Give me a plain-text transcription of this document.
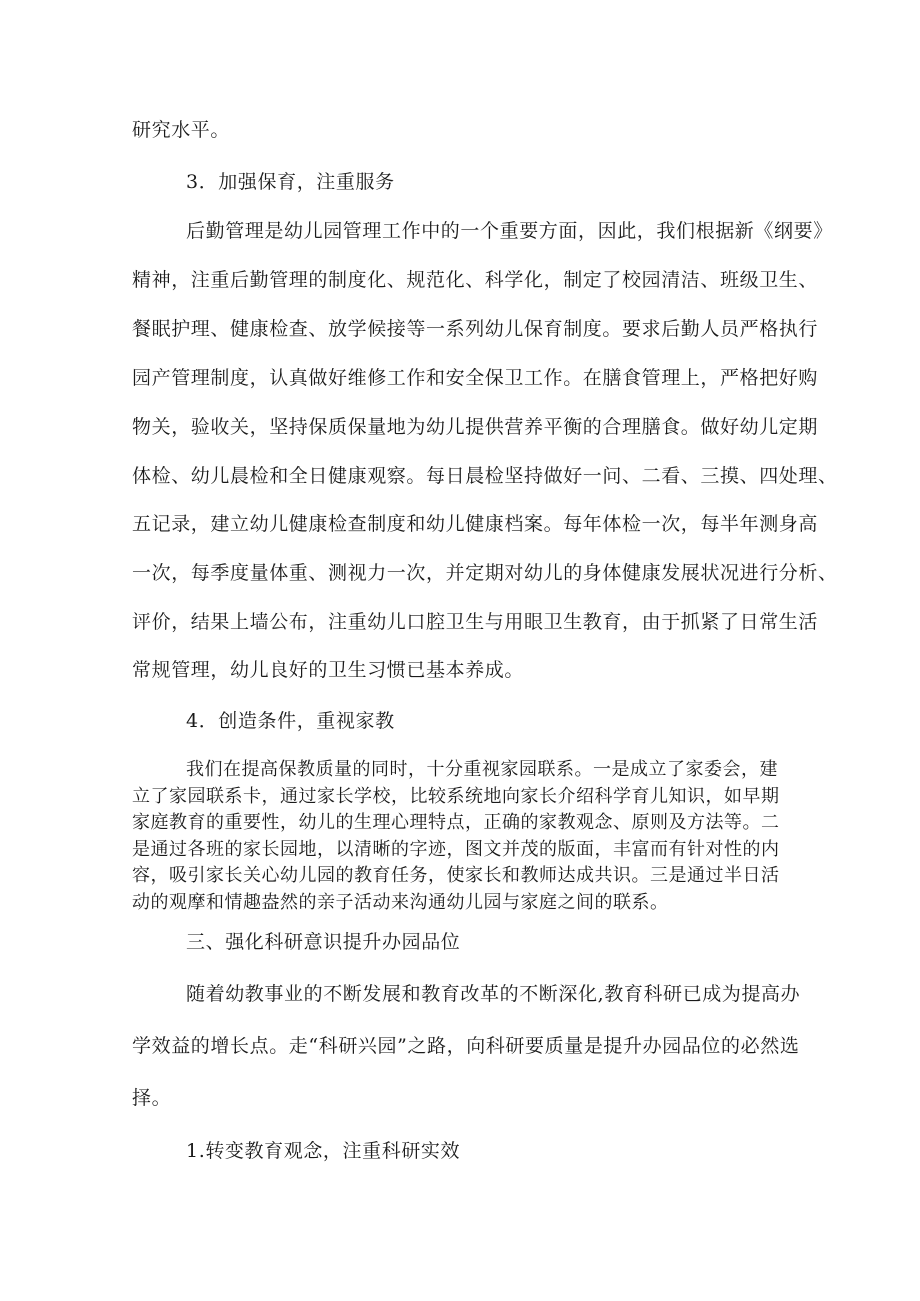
研究水平。
3．加强保育，注重服务
后勤管理是幼儿园管理工作中的一个重要方面，因此，我们根据新《纲要》
精神，注重后勤管理的制度化、规范化、科学化，制定了校园清洁、班级卫生、
餐眠护理、健康检查、放学候接等一系列幼儿保育制度。要求后勤人员严格执行
园产管理制度，认真做好维修工作和安全保卫工作。在膳食管理上，严格把好购
物关，验收关，坚持保质保量地为幼儿提供营养平衡的合理膳食。做好幼儿定期
体检、幼儿晨检和全日健康观察。每日晨检坚持做好一问、二看、三摸、四处理、
五记录，建立幼儿健康检查制度和幼儿健康档案。每年体检一次，每半年测身高
一次，每季度量体重、测视力一次，并定期对幼儿的身体健康发展状况进行分析、
评价，结果上墙公布，注重幼儿口腔卫生与用眼卫生教育，由于抓紧了日常生活
常规管理，幼儿良好的卫生习惯已基本养成。
4．创造条件，重视家教
我们在提高保教质量的同时，十分重视家园联系。一是成立了家委会，建
立了家园联系卡，通过家长学校，比较系统地向家长介绍科学育儿知识，如早期
家庭教育的重要性，幼儿的生理心理特点，正确的家教观念、原则及方法等。二
是通过各班的家长园地，以清晰的字迹，图文并茂的版面，丰富而有针对性的内
容，吸引家长关心幼儿园的教育任务，使家长和教师达成共识。三是通过半日活
动的观摩和情趣盎然的亲子活动来沟通幼儿园与家庭之间的联系。
三、强化科研意识提升办园品位
随着幼教事业的不断发展和教育改革的不断深化,教育科研已成为提高办
学效益的增长点。走“科研兴园”之路，向科研要质量是提升办园品位的必然选
择。
1.转变教育观念，注重科研实效
